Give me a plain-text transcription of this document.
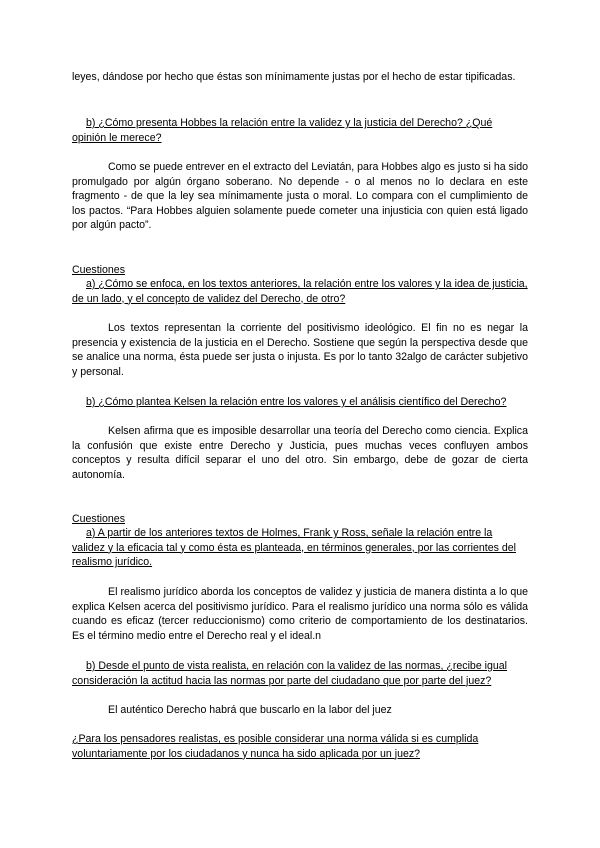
leyes, dándose por hecho que éstas son mínimamente justas por el hecho de estar tipificadas.

b) ¿Cómo presenta Hobbes la relación entre la validez y la justicia del Derecho? ¿Qué opinión le merece?

Como se puede entrever en el extracto del Leviatán, para Hobbes algo es justo si ha sido promulgado por algún órgano soberano. No depende - o al menos no lo declara en este fragmento - de que la ley sea mínimamente justa o moral. Lo compara con el cumplimiento de los pactos. “Para Hobbes alguien solamente puede cometer una injusticia con quien está ligado por algún pacto”.

Cuestiones

a) ¿Cómo se enfoca, en los textos anteriores, la relación entre los valores y la idea de justicia, de un lado, y el concepto de validez del Derecho, de otro?

Los textos representan la corriente del positivismo ideológico. El fin no es negar la presencia y existencia de la justicia en el Derecho. Sostiene que según la perspectiva desde que se analice una norma, ésta puede ser justa o injusta. Es por lo tanto 32algo de carácter subjetivo y personal.

b) ¿Cómo plantea Kelsen la relación entre los valores y el análisis científico del Derecho?

Kelsen afirma que es imposible desarrollar una teoría del Derecho como ciencia. Explica la confusión que existe entre Derecho y Justicia, pues muchas veces confluyen ambos conceptos y resulta difícil separar el uno del otro. Sin embargo, debe de gozar de cierta autonomía.

Cuestiones

a) A partir de los anteriores textos de Holmes, Frank y Ross, señale la relación entre la validez y la eficacia tal y como ésta es planteada, en términos generales, por las corrientes del realismo jurídico.

El realismo jurídico aborda los conceptos de validez y justicia de manera distinta a lo que explica Kelsen acerca del positivismo jurídico. Para el realismo jurídico una norma sólo es válida cuando es eficaz (tercer reduccionismo) como criterio de comportamiento de los destinatarios. Es el término medio entre el Derecho real y el ideal.n

b) Desde el punto de vista realista, en relación con la validez de las normas, ¿recibe igual consideración la actitud hacia las normas por parte del ciudadano que por parte del juez?

El auténtico Derecho habrá que buscarlo en la labor del juez

¿Para los pensadores realistas, es posible considerar una norma válida si es cumplida voluntariamente por los ciudadanos y nunca ha sido aplicada por un juez?
